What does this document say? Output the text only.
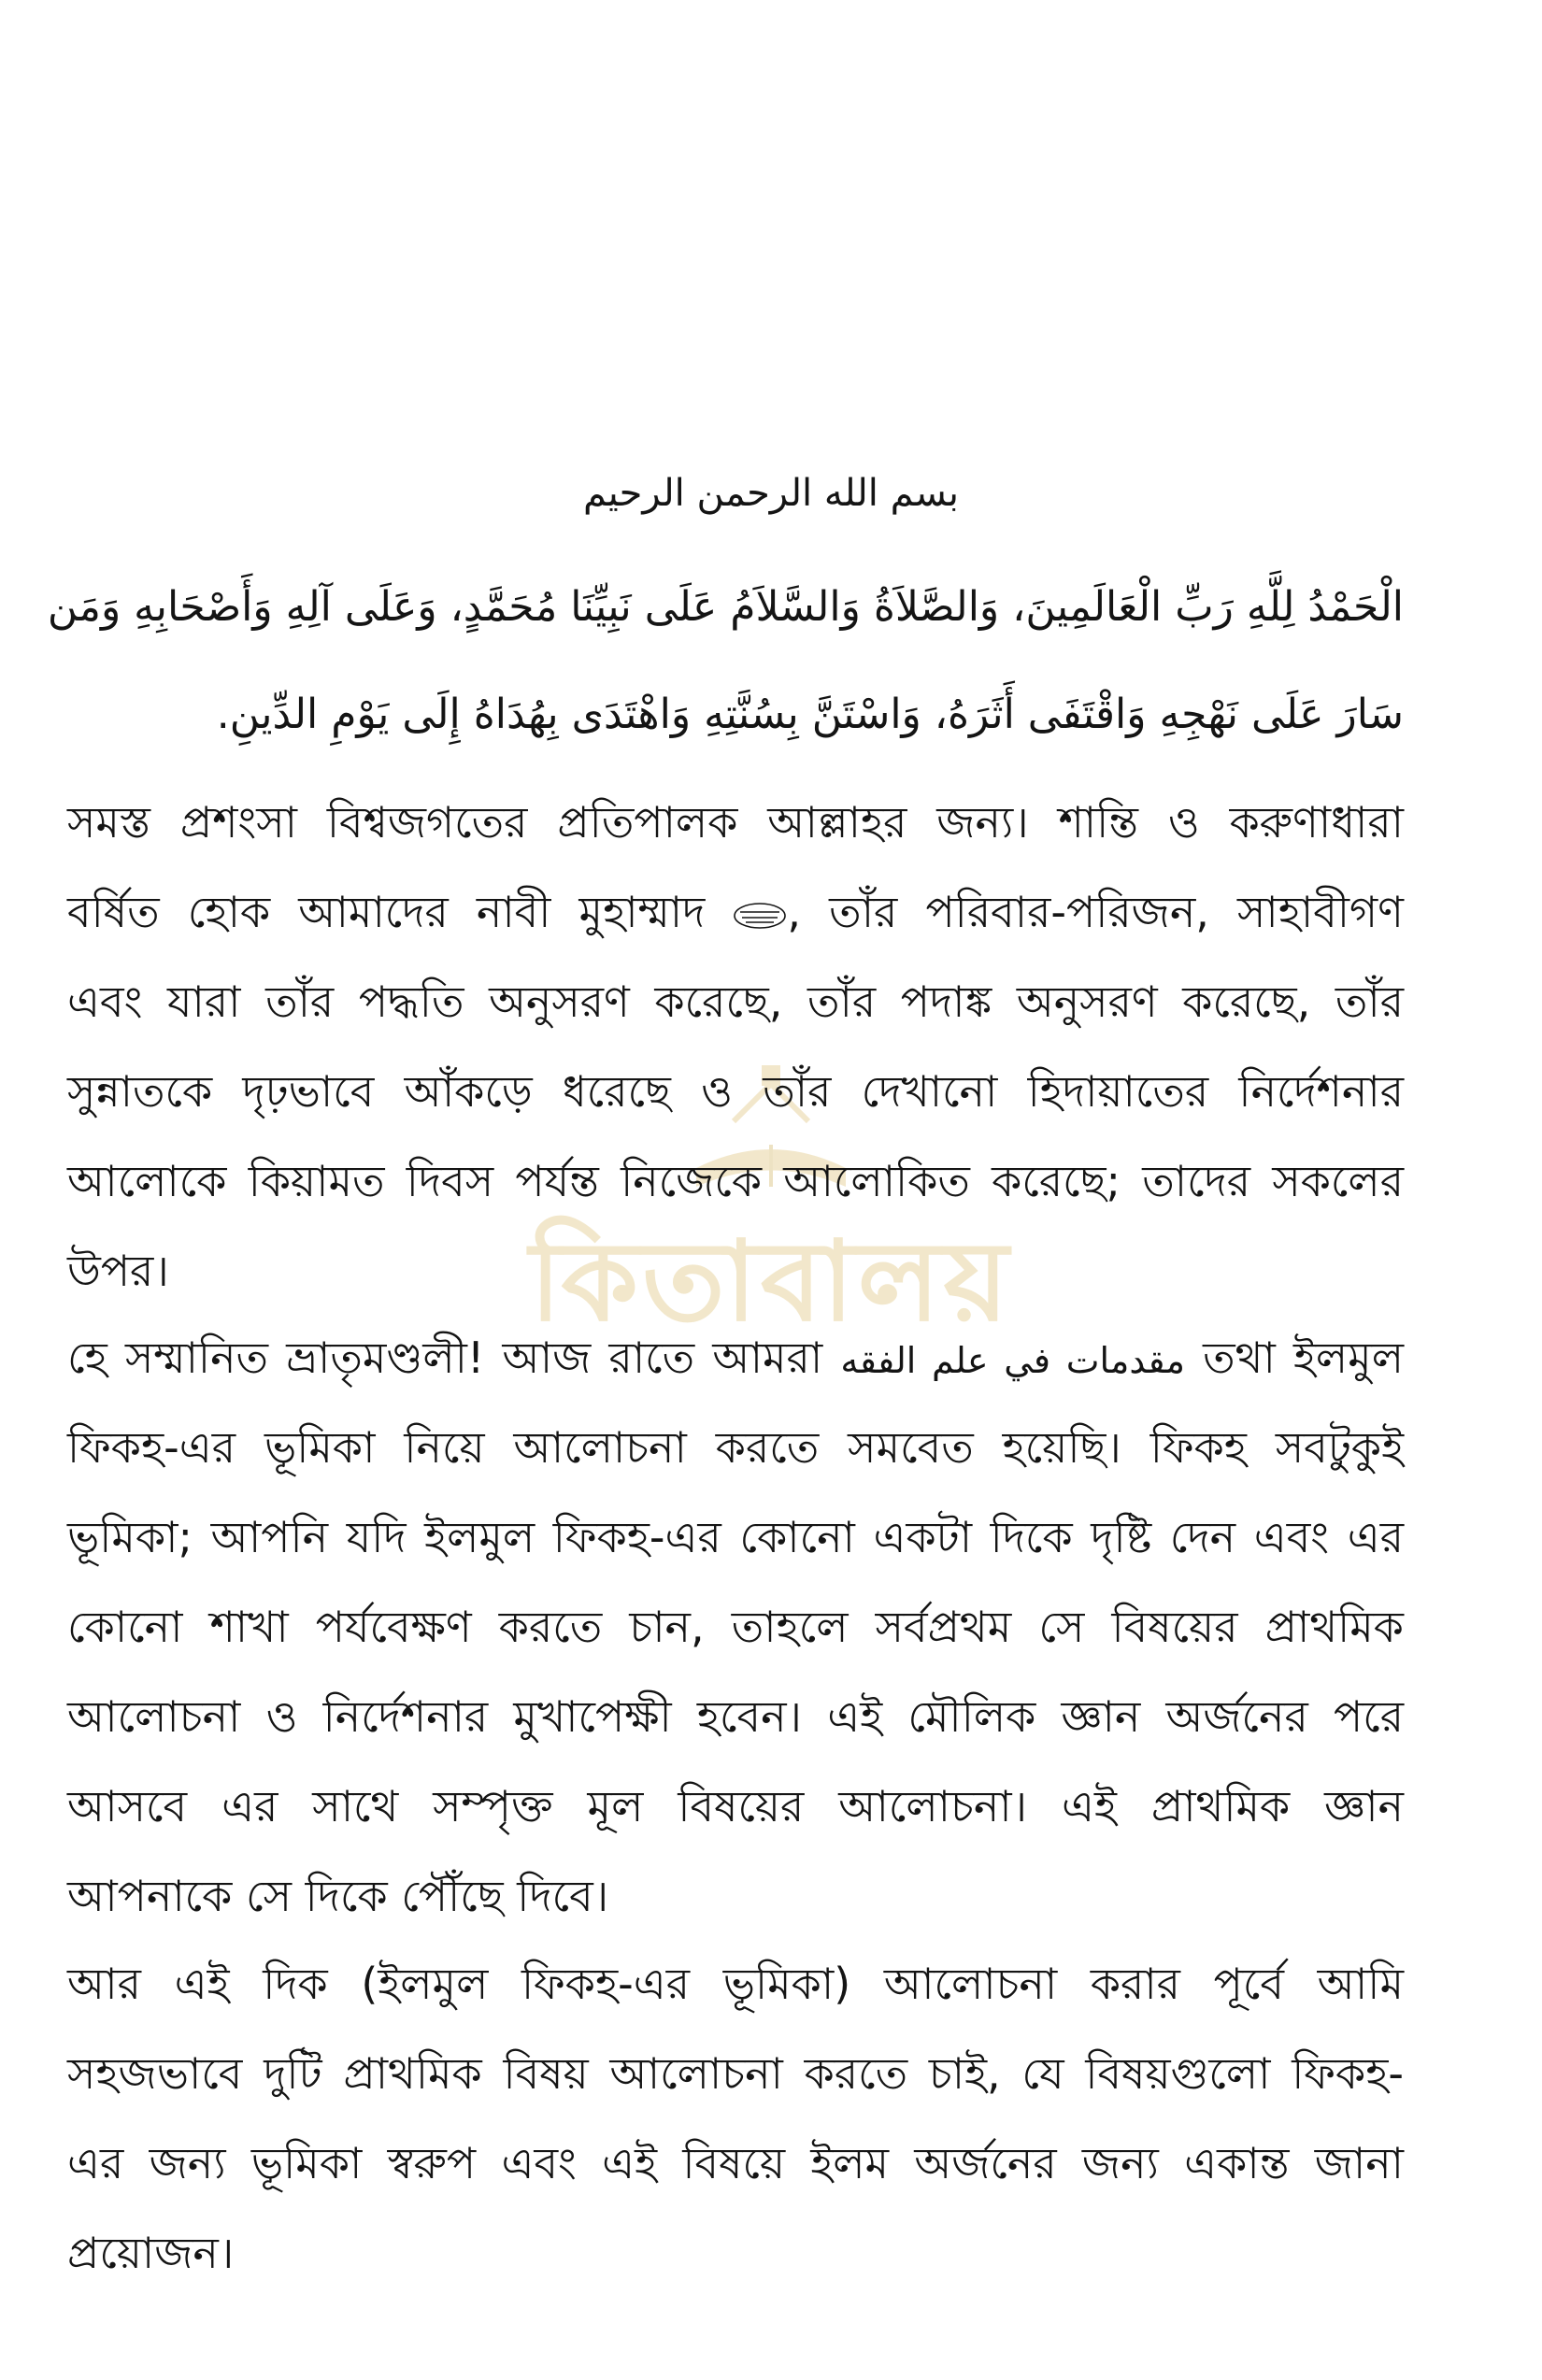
কিতাবালয়
بسم الله الرحمن الرحيم
الْحَمْدُ لِلَّهِ رَبِّ الْعَالَمِينَ، وَالصَّلاَةُ وَالسَّلاَمُ عَلَى نَبِيِّنَا مُحَمَّدٍ، وَعَلَى آلِهِ وَأَصْحَابِهِ وَمَن
سَارَ عَلَى نَهْجِهِ وَاقْتَفَى أَثَرَهُ، وَاسْتَنَّ بِسُنَّتِهِ وَاهْتَدَى بِهُدَاهُ إِلَى يَوْمِ الدِّينِ.
সমস্ত প্রশংসা বিশ্বজগতের প্রতিপালক আল্লাহর জন্য। শান্তি ও করুণাধারা
বর্ষিত হোক আমাদের নাবী মুহাম্মাদ , তাঁর পরিবার-পরিজন, সাহাবীগণ
এবং যারা তাঁর পদ্ধতি অনুসরণ করেছে, তাঁর পদাঙ্ক অনুসরণ করেছে, তাঁর
সুন্নাতকে দৃঢ়ভাবে আঁকড়ে ধরেছে ও তাঁর দেখানো হিদায়াতের নির্দেশনার
আলোকে কিয়ামত দিবস পর্যন্ত নিজেকে আলোকিত করেছে; তাদের সকলের
উপর।
হে সম্মানিত ভ্রাতৃমণ্ডলী! আজ রাতে আমরা مقدمات في علم الفقه তথা ইলমুল
ফিকহ-এর ভূমিকা নিয়ে আলোচনা করতে সমবেত হয়েছি। ফিকহ সবটুকুই
ভূমিকা; আপনি যদি ইলমুল ফিকহ-এর কোনো একটা দিকে দৃষ্টি দেন এবং এর
কোনো শাখা পর্যবেক্ষণ করতে চান, তাহলে সর্বপ্রথম সে বিষয়ের প্রাথমিক
আলোচনা ও নির্দেশনার মুখাপেক্ষী হবেন। এই মৌলিক জ্ঞান অর্জনের পরে
আসবে এর সাথে সম্পৃক্ত মূল বিষয়ের আলোচনা। এই প্রাথমিক জ্ঞান
আপনাকে সে দিকে পৌঁছে দিবে।
আর এই দিক (ইলমুল ফিকহ-এর ভূমিকা) আলোচনা করার পূর্বে আমি
সহজভাবে দুটি প্রাথমিক বিষয় আলোচনা করতে চাই, যে বিষয়গুলো ফিকহ-
এর জন্য ভূমিকা স্বরুপ এবং এই বিষয়ে ইলম অর্জনের জন্য একান্ত জানা
প্রয়োজন।
